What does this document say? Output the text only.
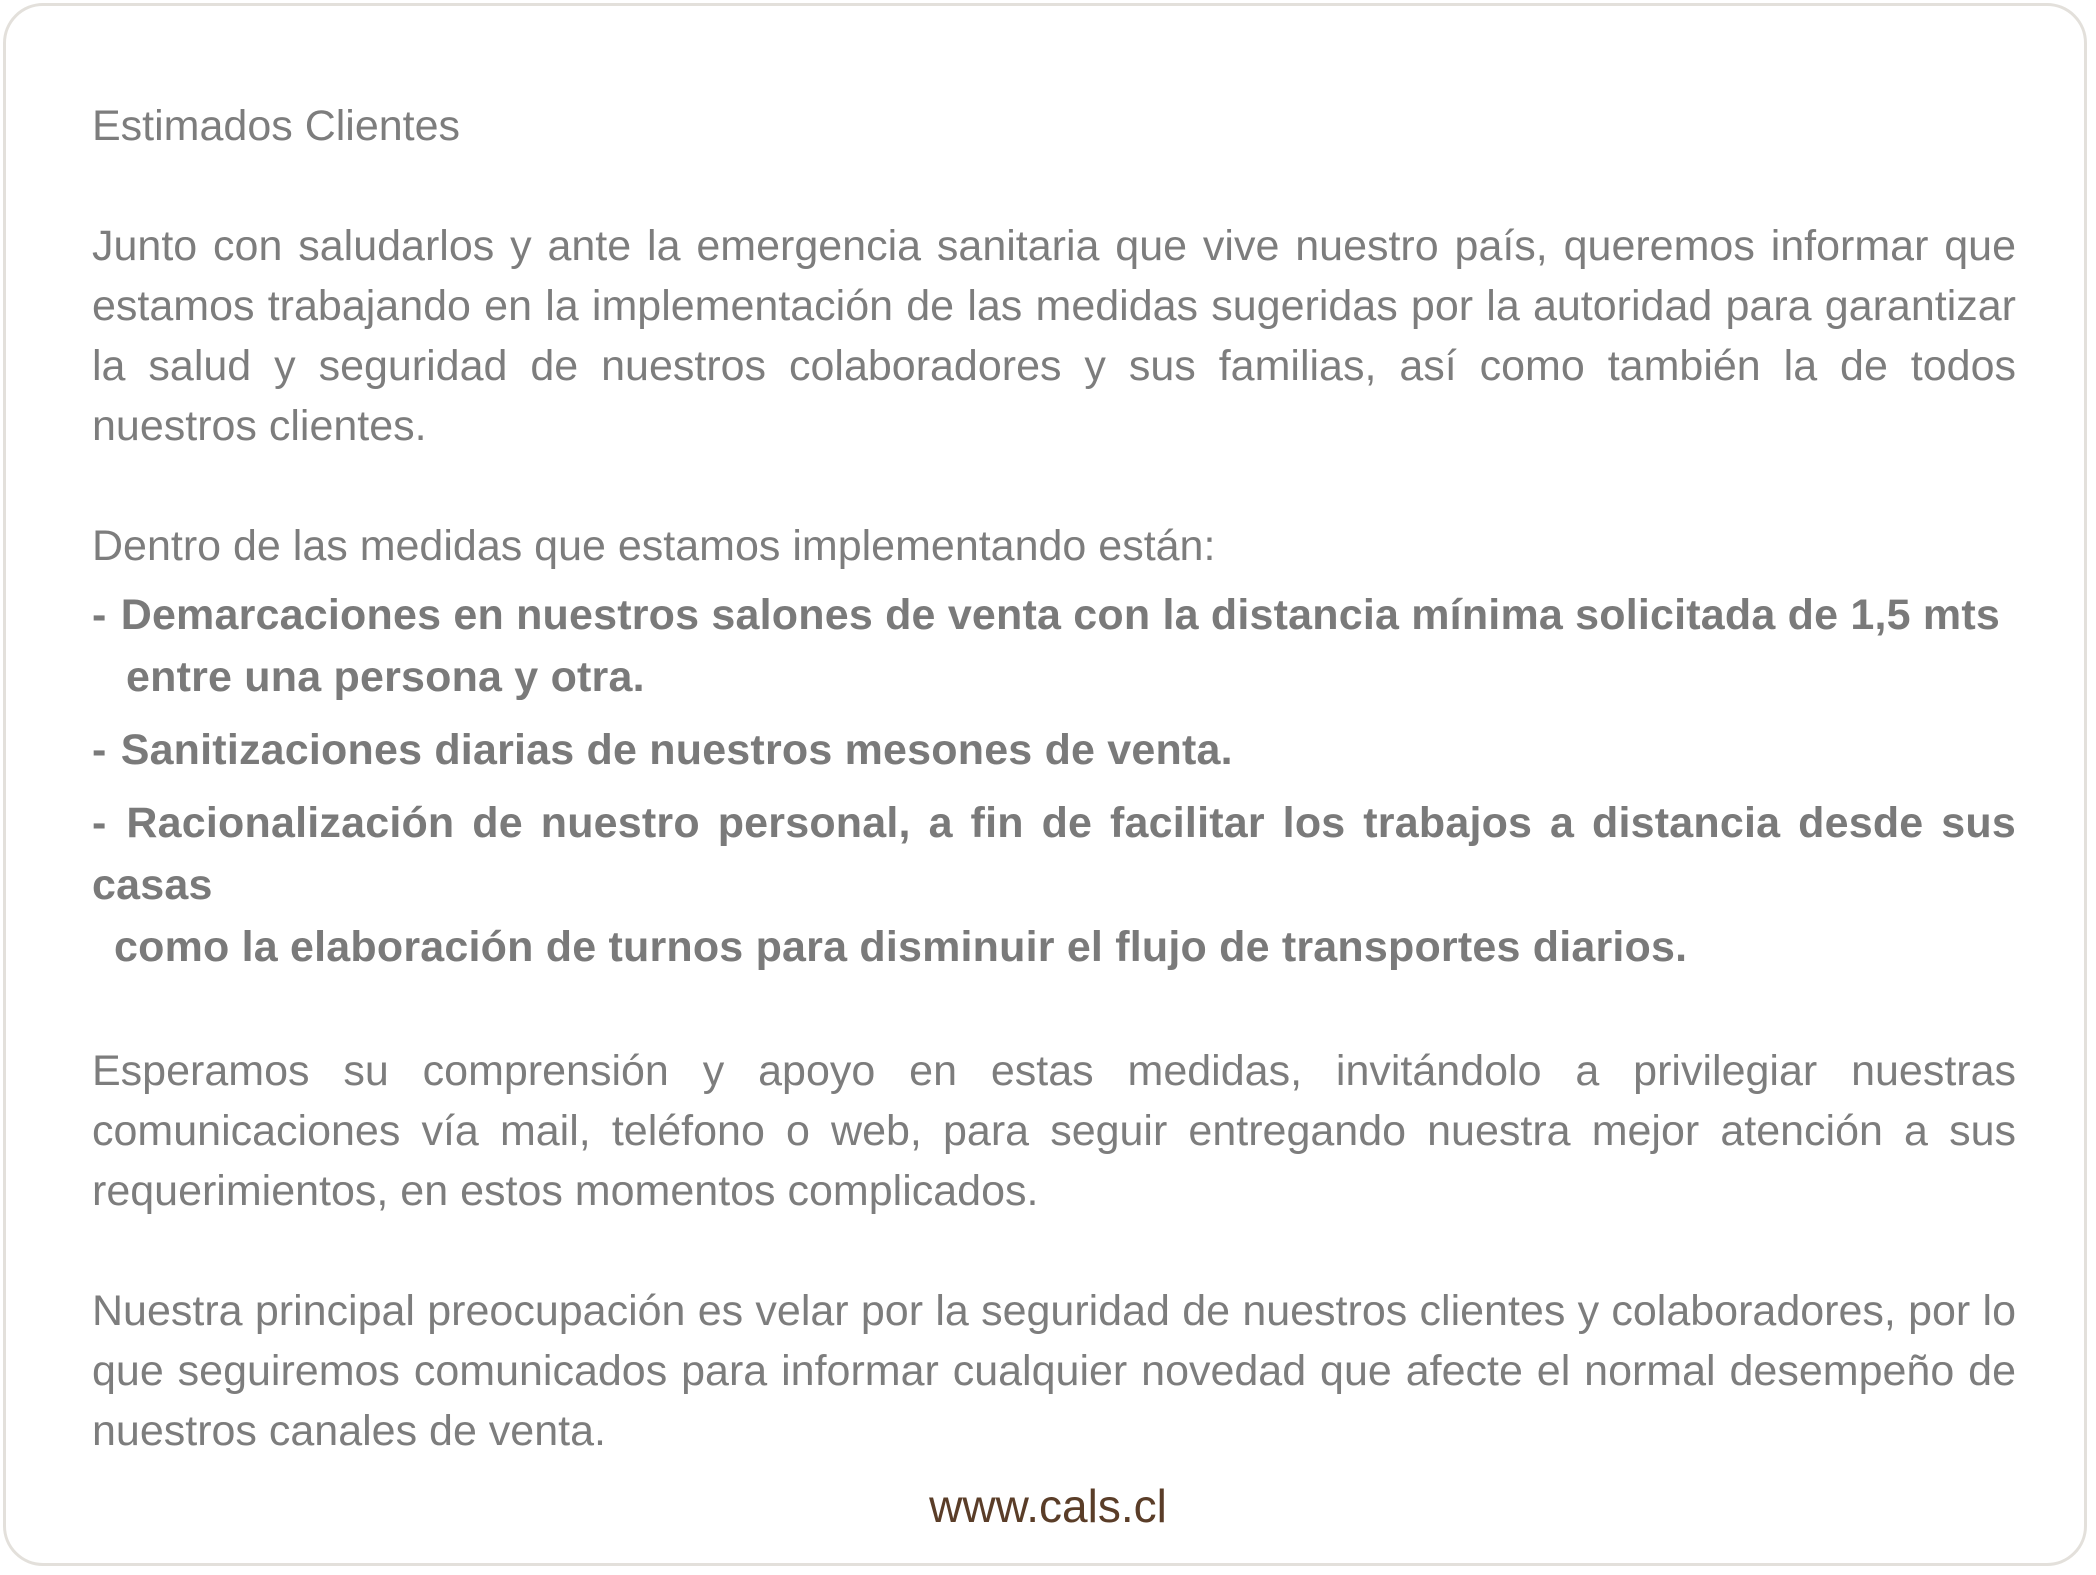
Estimados Clientes

Junto con saludarlos y ante la emergencia sanitaria que vive nuestro país, queremos informar que estamos trabajando en la implementación de las medidas sugeridas por la autoridad para garantizar la salud y seguridad de nuestros colaboradores y sus familias, así como también la de todos nuestros clientes.

Dentro de las medidas que estamos implementando están:

- Demarcaciones en nuestros salones de venta con la distancia mínima solicitada de 1,5 mts
entre una persona y otra.
- Sanitizaciones diarias de nuestros mesones de venta.
- Racionalización de nuestro personal, a fin de facilitar los trabajos a distancia desde sus casas
como la elaboración de turnos para disminuir el flujo de transportes diarios.

Esperamos su comprensión y apoyo en estas medidas, invitándolo a privilegiar nuestras comunicaciones vía mail, teléfono o web, para seguir entregando nuestra mejor atención a sus requerimientos, en estos momentos complicados.

Nuestra principal preocupación es velar por la seguridad de nuestros clientes y colaboradores, por lo que seguiremos comunicados para informar cualquier novedad que afecte el normal desempeño de nuestros canales de venta.

www.cals.cl
